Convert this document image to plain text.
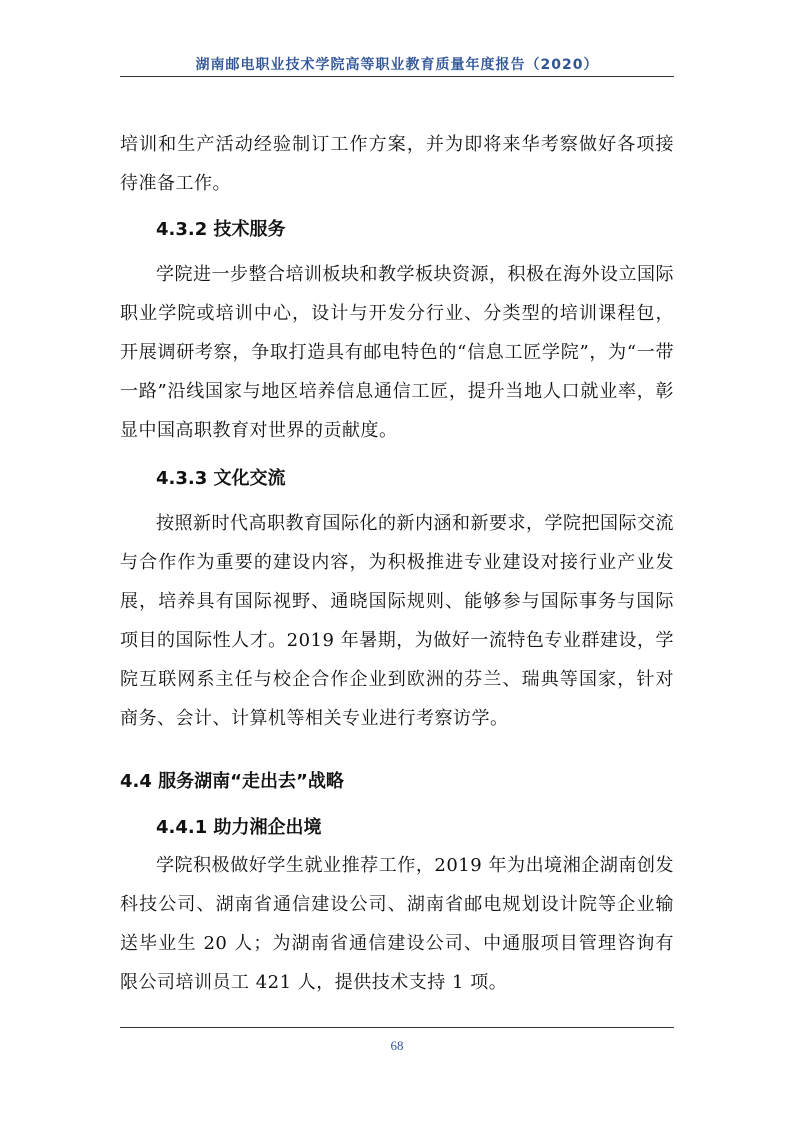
湖南邮电职业技术学院高等职业教育质量年度报告（2020）

培训和生产活动经验制订工作方案，并为即将来华考察做好各项接待准备工作。

4.3.2 技术服务

学院进一步整合培训板块和教学板块资源，积极在海外设立国际职业学院或培训中心，设计与开发分行业、分类型的培训课程包，开展调研考察，争取打造具有邮电特色的“信息工匠学院”，为“一带一路”沿线国家与地区培养信息通信工匠，提升当地人口就业率，彰显中国高职教育对世界的贡献度。

4.3.3 文化交流

按照新时代高职教育国际化的新内涵和新要求，学院把国际交流与合作作为重要的建设内容，为积极推进专业建设对接行业产业发展，培养具有国际视野、通晓国际规则、能够参与国际事务与国际项目的国际性人才。2019 年暑期，为做好一流特色专业群建设，学院互联网系主任与校企合作企业到欧洲的芬兰、瑞典等国家，针对商务、会计、计算机等相关专业进行考察访学。

4.4 服务湖南“走出去”战略
4.4.1 助力湘企出境

学院积极做好学生就业推荐工作，2019 年为出境湘企湖南创发科技公司、湖南省通信建设公司、湖南省邮电规划设计院等企业输送毕业生 20 人；为湖南省通信建设公司、中通服项目管理咨询有限公司培训员工 421 人，提供技术支持 1 项。

68
